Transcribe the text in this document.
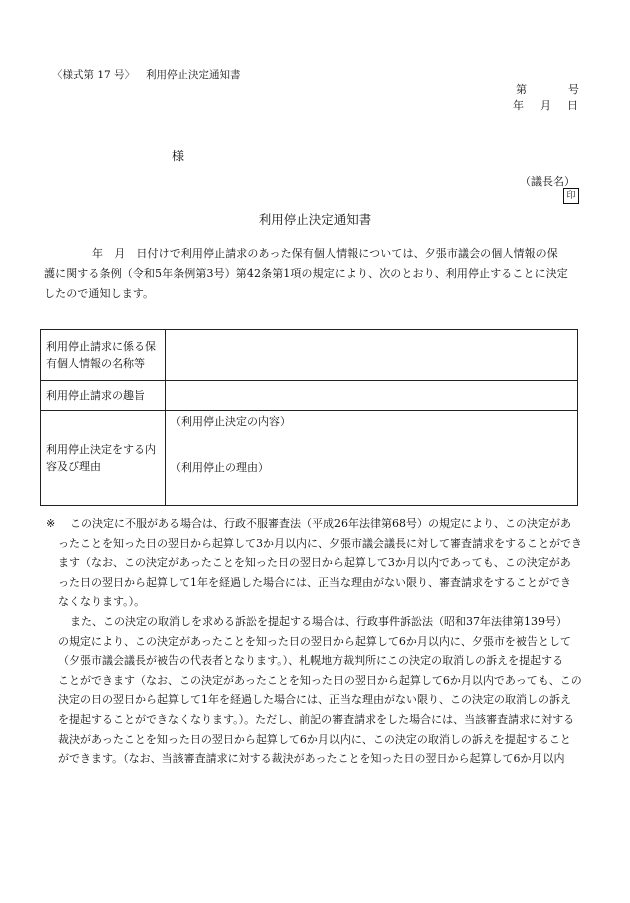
〈様式第 17 号〉 利用停止決定通知書
第	号
年 月 日
様
（議長名）
印
利用停止決定通知書
年　月　日付けで利用停止請求のあった保有個人情報については、夕張市議会の個人情報の保
護に関する条例（令和5年条例第3号）第42条第1項の規定により、次のとおり、利用停止することに決定
したので通知します。
利用停止請求に係る保有個人情報の名称等	
利用停止請求の趣旨	
利用停止決定をする内容及び理由	（利用停止決定の内容）
（利用停止の理由）
※ この決定に不服がある場合は、行政不服審査法（平成26年法律第68号）の規定により、この決定があ
ったことを知った日の翌日から起算して3か月以内に、夕張市議会議長に対して審査請求をすることができ
ます（なお、この決定があったことを知った日の翌日から起算して3か月以内であっても、この決定があ
った日の翌日から起算して1年を経過した場合には、正当な理由がない限り、審査請求をすることができ
なくなります。）。
また、この決定の取消しを求める訴訟を提起する場合は、行政事件訴訟法（昭和37年法律第139号）
の規定により、この決定があったことを知った日の翌日から起算して6か月以内に、夕張市を被告として
（夕張市議会議長が被告の代表者となります。）、札幌地方裁判所にこの決定の取消しの訴えを提起する
ことができます（なお、この決定があったことを知った日の翌日から起算して6か月以内であっても、この
決定の日の翌日から起算して1年を経過した場合には、正当な理由がない限り、この決定の取消しの訴え
を提起することができなくなります。）。ただし、前記の審査請求をした場合には、当該審査請求に対する
裁決があったことを知った日の翌日から起算して6か月以内に、この決定の取消しの訴えを提起すること
ができます。（なお、当該審査請求に対する裁決があったことを知った日の翌日から起算して6か月以内
